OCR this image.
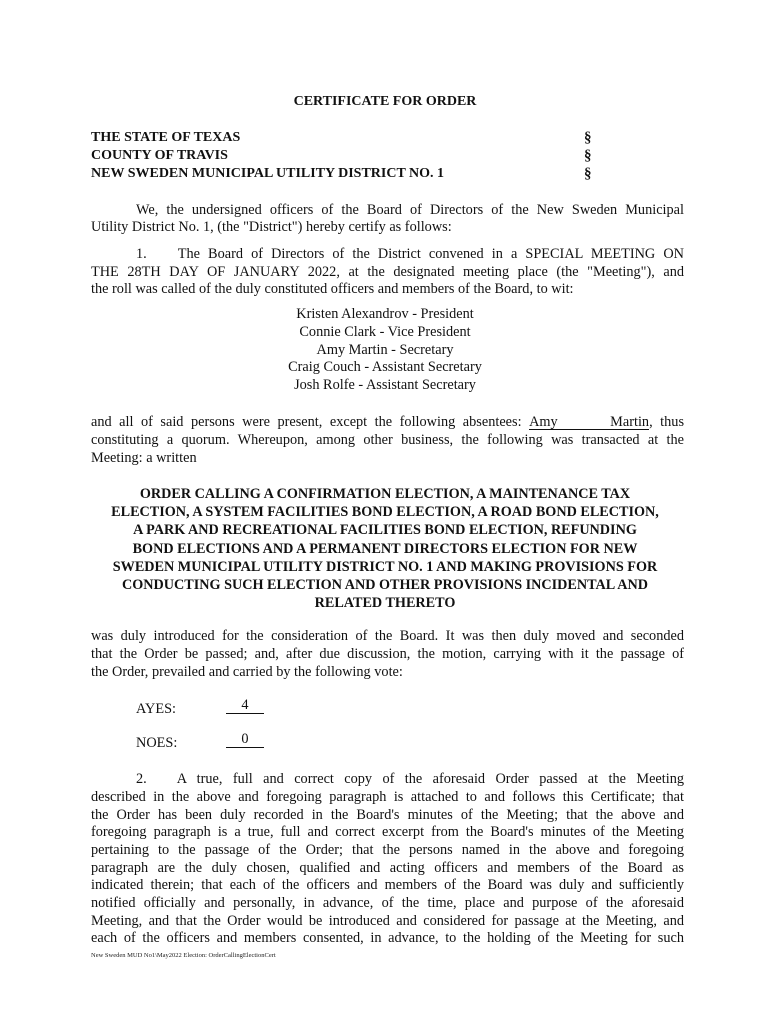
CERTIFICATE FOR ORDER
THE STATE OF TEXAS
COUNTY OF TRAVIS
NEW SWEDEN MUNICIPAL UTILITY DISTRICT NO. 1
§
§
§
We, the undersigned officers of the Board of Directors of the New Sweden Municipal
Utility District No. 1, (the "District") hereby certify as follows:
1. The Board of Directors of the District convened in a SPECIAL MEETING ON
THE 28TH DAY OF JANUARY 2022, at the designated meeting place (the "Meeting"), and
the roll was called of the duly constituted officers and members of the Board, to wit:
Kristen Alexandrov - President
Connie Clark - Vice President
Amy Martin - Secretary
Craig Couch - Assistant Secretary
Josh Rolfe - Assistant Secretary
and all of said persons were present, except the following absentees: Amy Martin, thus
constituting a quorum. Whereupon, among other business, the following was transacted at the
Meeting: a written
ORDER CALLING A CONFIRMATION ELECTION, A MAINTENANCE TAX
ELECTION, A SYSTEM FACILITIES BOND ELECTION, A ROAD BOND ELECTION,
A PARK AND RECREATIONAL FACILITIES BOND ELECTION, REFUNDING
BOND ELECTIONS AND A PERMANENT DIRECTORS ELECTION FOR NEW
SWEDEN MUNICIPAL UTILITY DISTRICT NO. 1 AND MAKING PROVISIONS FOR
CONDUCTING SUCH ELECTION AND OTHER PROVISIONS INCIDENTAL AND
RELATED THERETO
was duly introduced for the consideration of the Board. It was then duly moved and seconded
that the Order be passed; and, after due discussion, the motion, carrying with it the passage of
the Order, prevailed and carried by the following vote:
AYES:	4
NOES:	0
2. A true, full and correct copy of the aforesaid Order passed at the Meeting
described in the above and foregoing paragraph is attached to and follows this Certificate; that
the Order has been duly recorded in the Board's minutes of the Meeting; that the above and
foregoing paragraph is a true, full and correct excerpt from the Board's minutes of the Meeting
pertaining to the passage of the Order; that the persons named in the above and foregoing
paragraph are the duly chosen, qualified and acting officers and members of the Board as
indicated therein; that each of the officers and members of the Board was duly and sufficiently
notified officially and personally, in advance, of the time, place and purpose of the aforesaid
Meeting, and that the Order would be introduced and considered for passage at the Meeting, and
each of the officers and members consented, in advance, to the holding of the Meeting for such
New Sweden MUD No1\May2022 Election: OrderCallingElectionCert
